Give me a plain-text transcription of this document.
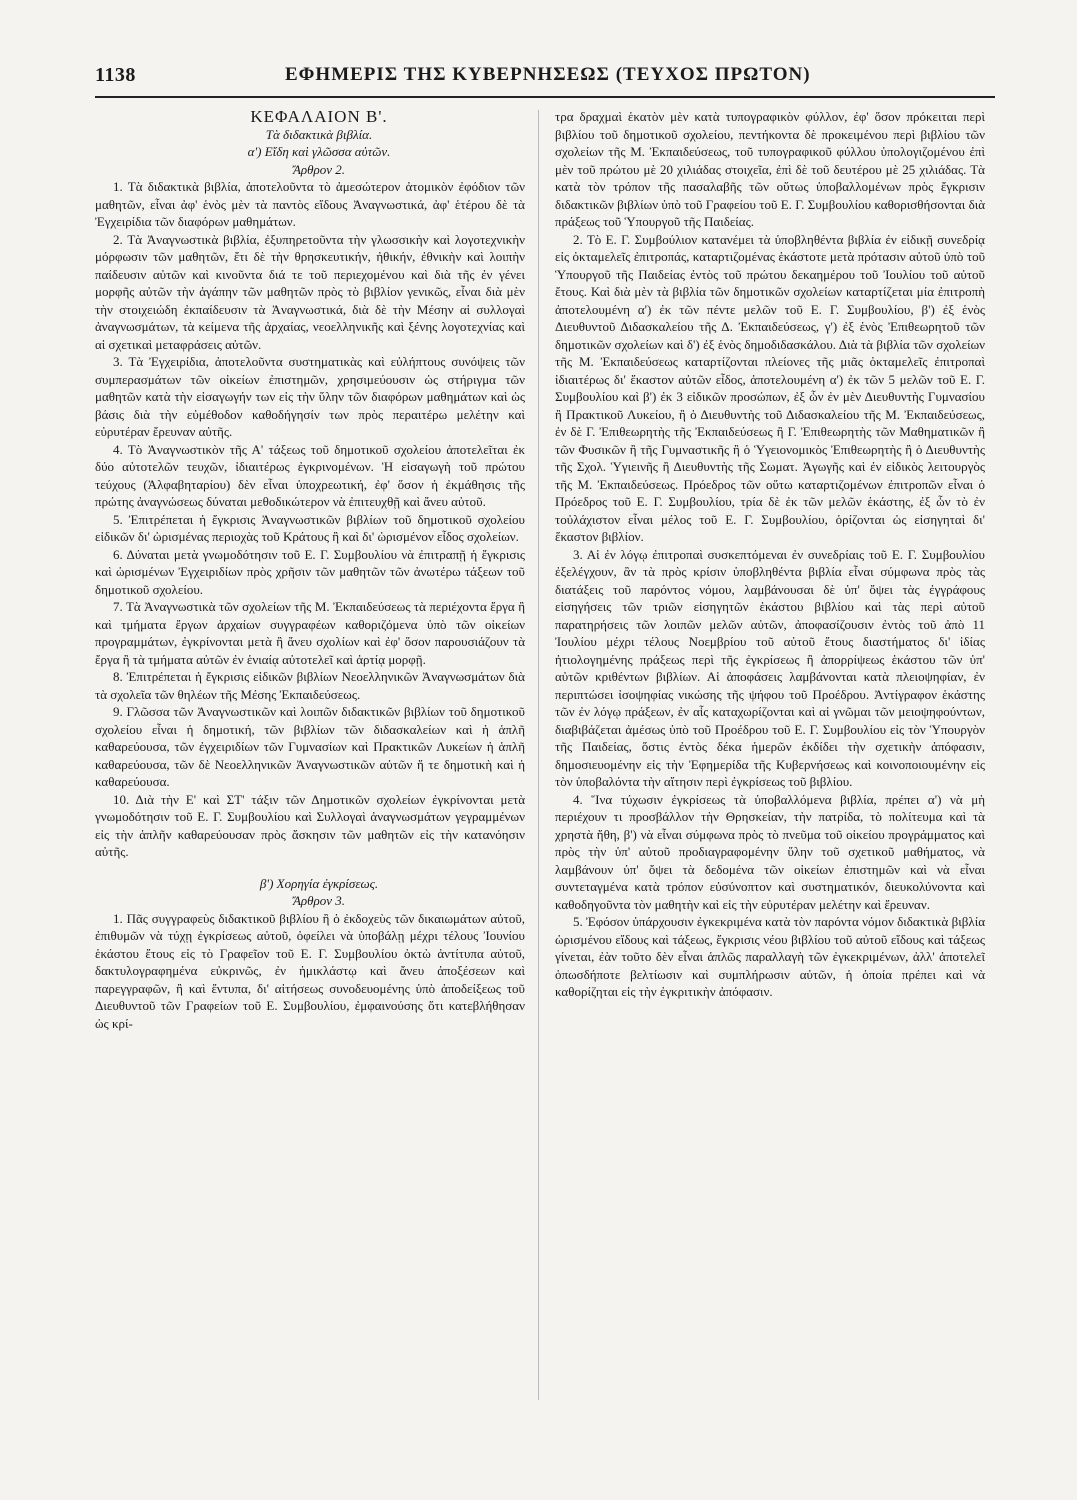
1138	ΕΦΗΜΕΡΙΣ ΤΗΣ ΚΥΒΕΡΝΗΣΕΩΣ (ΤΕΥΧΟΣ ΠΡΩΤΟΝ)

ΚΕΦΑΛΑΙΟΝ Β'.

Τὰ διδακτικὰ βιβλία.

α') Εἴδη καὶ γλῶσσα αὐτῶν.

Ἄρθρον 2.

1. Τὰ διδακτικὰ βιβλία, ἀποτελοῦντα τὸ ἀμεσώτερον ἀτομικὸν ἐφόδιον τῶν μαθητῶν, εἶναι ἀφ' ἑνὸς μὲν τὰ παντὸς εἴδους Ἀναγνωστικά, ἀφ' ἑτέρου δὲ τὰ Ἐγχειρίδια τῶν διαφόρων μαθημάτων.

2. Τὰ Ἀναγνωστικὰ βιβλία, ἐξυπηρετοῦντα τὴν γλωσσικὴν καὶ λογοτεχνικὴν μόρφωσιν τῶν μαθητῶν, ἔτι δὲ τὴν θρησκευτικήν, ἠθικήν, ἐθνικὴν καὶ λοιπὴν παίδευσιν αὐτῶν καὶ κινοῦντα διά τε τοῦ περιεχομένου καὶ διὰ τῆς ἐν γένει μορφῆς αὐτῶν τὴν ἀγάπην τῶν μαθητῶν πρὸς τὸ βιβλίον γενικῶς, εἶναι διὰ μὲν τὴν στοιχειώδη ἐκπαίδευσιν τὰ Ἀναγνωστικά, διὰ δὲ τὴν Μέσην αἱ συλλογαὶ ἀναγνωσμάτων, τὰ κείμενα τῆς ἀρχαίας, νεοελληνικῆς καὶ ξένης λογοτεχνίας καὶ αἱ σχετικαὶ μεταφράσεις αὐτῶν.

3. Τὰ Ἐγχειρίδια, ἀποτελοῦντα συστηματικὰς καὶ εὐλήπτους συνόψεις τῶν συμπερασμάτων τῶν οἰκείων ἐπιστημῶν, χρησιμεύουσιν ὡς στήριγμα τῶν μαθητῶν κατὰ τὴν εἰσαγωγήν των εἰς τὴν ὕλην τῶν διαφόρων μαθημάτων καὶ ὡς βάσις διὰ τὴν εὐμέθοδον καθοδήγησίν των πρὸς περαιτέρω μελέτην καὶ εὐρυτέραν ἔρευναν αὐτῆς.

4. Τὸ Ἀναγνωστικὸν τῆς Α' τάξεως τοῦ δημοτικοῦ σχολείου ἀποτελεῖται ἐκ δύο αὐτοτελῶν τευχῶν, ἰδιαιτέρως ἐγκρινομένων. Ἡ εἰσαγωγὴ τοῦ πρώτου τεύχους (Ἀλφαβηταρίου) δὲν εἶναι ὑποχρεωτική, ἐφ' ὅσον ἡ ἐκμάθησις τῆς πρώτης ἀναγνώσεως δύναται μεθοδικώτερον νὰ ἐπιτευχθῇ καὶ ἄνευ αὐτοῦ.

5. Ἐπιτρέπεται ἡ ἔγκρισις Ἀναγνωστικῶν βιβλίων τοῦ δημοτικοῦ σχολείου εἰδικῶν δι' ὡρισμένας περιοχὰς τοῦ Κράτους ἢ καὶ δι' ὡρισμένον εἶδος σχολείων.

6. Δύναται μετὰ γνωμοδότησιν τοῦ Ε. Γ. Συμβουλίου νὰ ἐπιτραπῇ ἡ ἔγκρισις καὶ ὡρισμένων Ἐγχειριδίων πρὸς χρῆσιν τῶν μαθητῶν τῶν ἀνωτέρω τάξεων τοῦ δημοτικοῦ σχολείου.

7. Τὰ Ἀναγνωστικὰ τῶν σχολείων τῆς Μ. Ἐκπαιδεύσεως τὰ περιέχοντα ἔργα ἢ καὶ τμήματα ἔργων ἀρχαίων συγγραφέων καθοριζόμενα ὑπὸ τῶν οἰκείων προγραμμάτων, ἐγκρίνονται μετὰ ἢ ἄνευ σχολίων καὶ ἐφ' ὅσον παρουσιάζουν τὰ ἔργα ἢ τὰ τμήματα αὐτῶν ἐν ἑνιαίᾳ αὐτοτελεῖ καὶ ἀρτίᾳ μορφῇ.

8. Ἐπιτρέπεται ἡ ἔγκρισις εἰδικῶν βιβλίων Νεοελληνικῶν Ἀναγνωσμάτων διὰ τὰ σχολεῖα τῶν θηλέων τῆς Μέσης Ἐκπαιδεύσεως.

9. Γλῶσσα τῶν Ἀναγνωστικῶν καὶ λοιπῶν διδακτικῶν βιβλίων τοῦ δημοτικοῦ σχολείου εἶναι ἡ δημοτική, τῶν βιβλίων τῶν διδασκαλείων καὶ ἡ ἁπλῆ καθαρεύουσα, τῶν ἐγχειριδίων τῶν Γυμνασίων καὶ Πρακτικῶν Λυκείων ἡ ἁπλῆ καθαρεύουσα, τῶν δὲ Νεοελληνικῶν Ἀναγνωστικῶν αὐτῶν ἥ τε δημοτικὴ καὶ ἡ καθαρεύουσα.

10. Διὰ τὴν Ε' καὶ ΣΤ' τάξιν τῶν Δημοτικῶν σχολείων ἐγκρίνονται μετὰ γνωμοδότησιν τοῦ Ε. Γ. Συμβουλίου καὶ Συλλογαὶ ἀναγνωσμάτων γεγραμμένων εἰς τὴν ἁπλῆν καθαρεύουσαν πρὸς ἄσκησιν τῶν μαθητῶν εἰς τὴν κατανόησιν αὐτῆς.

β') Χορηγία ἐγκρίσεως.

Ἄρθρον 3.

1. Πᾶς συγγραφεὺς διδακτικοῦ βιβλίου ἢ ὁ ἐκδοχεὺς τῶν δικαιωμάτων αὐτοῦ, ἐπιθυμῶν νὰ τύχῃ ἐγκρίσεως αὐτοῦ, ὀφείλει νὰ ὑποβάλῃ μέχρι τέλους Ἰουνίου ἑκάστου ἔτους εἰς τὸ Γραφεῖον τοῦ Ε. Γ. Συμβουλίου ὀκτὼ ἀντίτυπα αὐτοῦ, δακτυλογραφημένα εὐκρινῶς, ἐν ἡμικλάστῳ καὶ ἄνευ ἀποξέσεων καὶ παρεγγραφῶν, ἢ καὶ ἔντυπα, δι' αἰτήσεως συνοδευομένης ὑπὸ ἀποδείξεως τοῦ Διευθυντοῦ τῶν Γραφείων τοῦ Ε. Συμβουλίου, ἐμφαινούσης ὅτι κατεβλήθησαν ὡς κρί-

τρα δραχμαὶ ἑκατὸν μὲν κατὰ τυπογραφικὸν φύλλον, ἐφ' ὅσον πρόκειται περὶ βιβλίου τοῦ δημοτικοῦ σχολείου, πεντήκοντα δὲ προκειμένου περὶ βιβλίου τῶν σχολείων τῆς Μ. Ἐκπαιδεύσεως, τοῦ τυπογραφικοῦ φύλλου ὑπολογιζομένου ἐπὶ μὲν τοῦ πρώτου μὲ 20 χιλιάδας στοιχεῖα, ἐπὶ δὲ τοῦ δευτέρου μὲ 25 χιλιάδας. Τὰ κατὰ τὸν τρόπον τῆς πασαλαβῆς τῶν οὕτως ὑποβαλλομένων πρὸς ἔγκρισιν διδακτικῶν βιβλίων ὑπὸ τοῦ Γραφείου τοῦ Ε. Γ. Συμβουλίου καθορισθήσονται διὰ πράξεως τοῦ Ὑπουργοῦ τῆς Παιδείας.

2. Τὸ Ε. Γ. Συμβούλιον κατανέμει τὰ ὑποβληθέντα βιβλία ἐν εἰδικῇ συνεδρίᾳ εἰς ὀκταμελεῖς ἐπιτροπάς, καταρτιζομένας ἑκάστοτε μετὰ πρότασιν αὐτοῦ ὑπὸ τοῦ Ὑπουργοῦ τῆς Παιδείας ἐντὸς τοῦ πρώτου δεκαημέρου τοῦ Ἰουλίου τοῦ αὐτοῦ ἔτους. Καὶ διὰ μὲν τὰ βιβλία τῶν δημοτικῶν σχολείων καταρτίζεται μία ἐπιτροπὴ ἀποτελουμένη α') ἐκ τῶν πέντε μελῶν τοῦ Ε. Γ. Συμβουλίου, β') ἐξ ἑνὸς Διευθυντοῦ Διδασκαλείου τῆς Δ. Ἐκπαιδεύσεως, γ') ἐξ ἑνὸς Ἐπιθεωρητοῦ τῶν δημοτικῶν σχολείων καὶ δ') ἐξ ἑνὸς δημοδιδασκάλου. Διὰ τὰ βιβλία τῶν σχολείων τῆς Μ. Ἐκπαιδεύσεως καταρτίζονται πλείονες τῆς μιᾶς ὀκταμελεῖς ἐπιτροπαὶ ἰδιαιτέρως δι' ἕκαστον αὐτῶν εἶδος, ἀποτελουμένη α') ἐκ τῶν 5 μελῶν τοῦ Ε. Γ. Συμβουλίου καὶ β') ἐκ 3 εἰδικῶν προσώπων, ἐξ ὧν ἐν μὲν Διευθυντὴς Γυμνασίου ἢ Πρακτικοῦ Λυκείου, ἢ ὁ Διευθυντὴς τοῦ Διδασκαλείου τῆς Μ. Ἐκπαιδεύσεως, ἐν δὲ Γ. Ἐπιθεωρητὴς τῆς Ἐκπαιδεύσεως ἢ Γ. Ἐπιθεωρητὴς τῶν Μαθηματικῶν ἢ τῶν Φυσικῶν ἢ τῆς Γυμναστικῆς ἢ ὁ Ὑγειονομικὸς Ἐπιθεωρητὴς ἢ ὁ Διευθυντὴς τῆς Σχολ. Ὑγιεινῆς ἢ Διευθυντὴς τῆς Σωματ. Ἀγωγῆς καὶ ἐν εἰδικὸς λειτουργὸς τῆς Μ. Ἐκπαιδεύσεως. Πρόεδρος τῶν οὕτω καταρτιζομένων ἐπιτροπῶν εἶναι ὁ Πρόεδρος τοῦ Ε. Γ. Συμβουλίου, τρία δὲ ἐκ τῶν μελῶν ἑκάστης, ἐξ ὧν τὸ ἐν τοὐλάχιστον εἶναι μέλος τοῦ Ε. Γ. Συμβουλίου, ὁρίζονται ὡς εἰσηγηταὶ δι' ἕκαστον βιβλίον.

3. Αἱ ἐν λόγῳ ἐπιτροπαὶ συσκεπτόμεναι ἐν συνεδρίαις τοῦ Ε. Γ. Συμβουλίου ἐξελέγχουν, ἂν τὰ πρὸς κρίσιν ὑποβληθέντα βιβλία εἶναι σύμφωνα πρὸς τὰς διατάξεις τοῦ παρόντος νόμου, λαμβάνουσαι δὲ ὑπ' ὄψει τὰς ἐγγράφους εἰσηγήσεις τῶν τριῶν εἰσηγητῶν ἑκάστου βιβλίου καὶ τὰς περὶ αὐτοῦ παρατηρήσεις τῶν λοιπῶν μελῶν αὐτῶν, ἀποφασίζουσιν ἐντὸς τοῦ ἀπὸ 11 Ἰουλίου μέχρι τέλους Νοεμβρίου τοῦ αὐτοῦ ἔτους διαστήματος δι' ἰδίας ἠτιολογημένης πράξεως περὶ τῆς ἐγκρίσεως ἢ ἀπορρίψεως ἑκάστου τῶν ὑπ' αὐτῶν κριθέντων βιβλίων. Αἱ ἀποφάσεις λαμβάνονται κατὰ πλειοψηφίαν, ἐν περιπτώσει ἰσοψηφίας νικώσης τῆς ψήφου τοῦ Προέδρου. Ἀντίγραφον ἑκάστης τῶν ἐν λόγῳ πράξεων, ἐν αἷς καταχωρίζονται καὶ αἱ γνῶμαι τῶν μειοψηφούντων, διαβιβάζεται ἀμέσως ὑπὸ τοῦ Προέδρου τοῦ Ε. Γ. Συμβουλίου εἰς τὸν Ὑπουργὸν τῆς Παιδείας, ὅστις ἐντὸς δέκα ἡμερῶν ἐκδίδει τὴν σχετικὴν ἀπόφασιν, δημοσιευομένην εἰς τὴν Ἐφημερίδα τῆς Κυβερνήσεως καὶ κοινοποιουμένην εἰς τὸν ὑποβαλόντα τὴν αἴτησιν περὶ ἐγκρίσεως τοῦ βιβλίου.

4. Ἵνα τύχωσιν ἐγκρίσεως τὰ ὑποβαλλόμενα βιβλία, πρέπει α') νὰ μὴ περιέχουν τι προσβάλλον τὴν Θρησκείαν, τὴν πατρίδα, τὸ πολίτευμα καὶ τὰ χρηστὰ ἤθη, β') νὰ εἶναι σύμφωνα πρὸς τὸ πνεῦμα τοῦ οἰκείου προγράμματος καὶ πρὸς τὴν ὑπ' αὐτοῦ προδιαγραφομένην ὕλην τοῦ σχετικοῦ μαθήματος, νὰ λαμβάνουν ὑπ' ὄψει τὰ δεδομένα τῶν οἰκείων ἐπιστημῶν καὶ νὰ εἶναι συντεταγμένα κατὰ τρόπον εὐσύνοπτον καὶ συστηματικόν, διευκολύνοντα καὶ καθοδηγοῦντα τὸν μαθητὴν καὶ εἰς τὴν εὐρυτέραν μελέτην καὶ ἔρευναν.

5. Ἐφόσον ὑπάρχουσιν ἐγκεκριμένα κατὰ τὸν παρόντα νόμον διδακτικὰ βιβλία ὡρισμένου εἴδους καὶ τάξεως, ἔγκρισις νέου βιβλίου τοῦ αὐτοῦ εἴδους καὶ τάξεως γίνεται, ἐὰν τοῦτο δὲν εἶναι ἁπλῶς παραλλαγὴ τῶν ἐγκεκριμένων, ἀλλ' ἀποτελεῖ ὁπωσδήποτε βελτίωσιν καὶ συμπλήρωσιν αὐτῶν, ἡ ὁποία πρέπει καὶ νὰ καθορίζηται εἰς τὴν ἐγκριτικὴν ἀπόφασιν.
